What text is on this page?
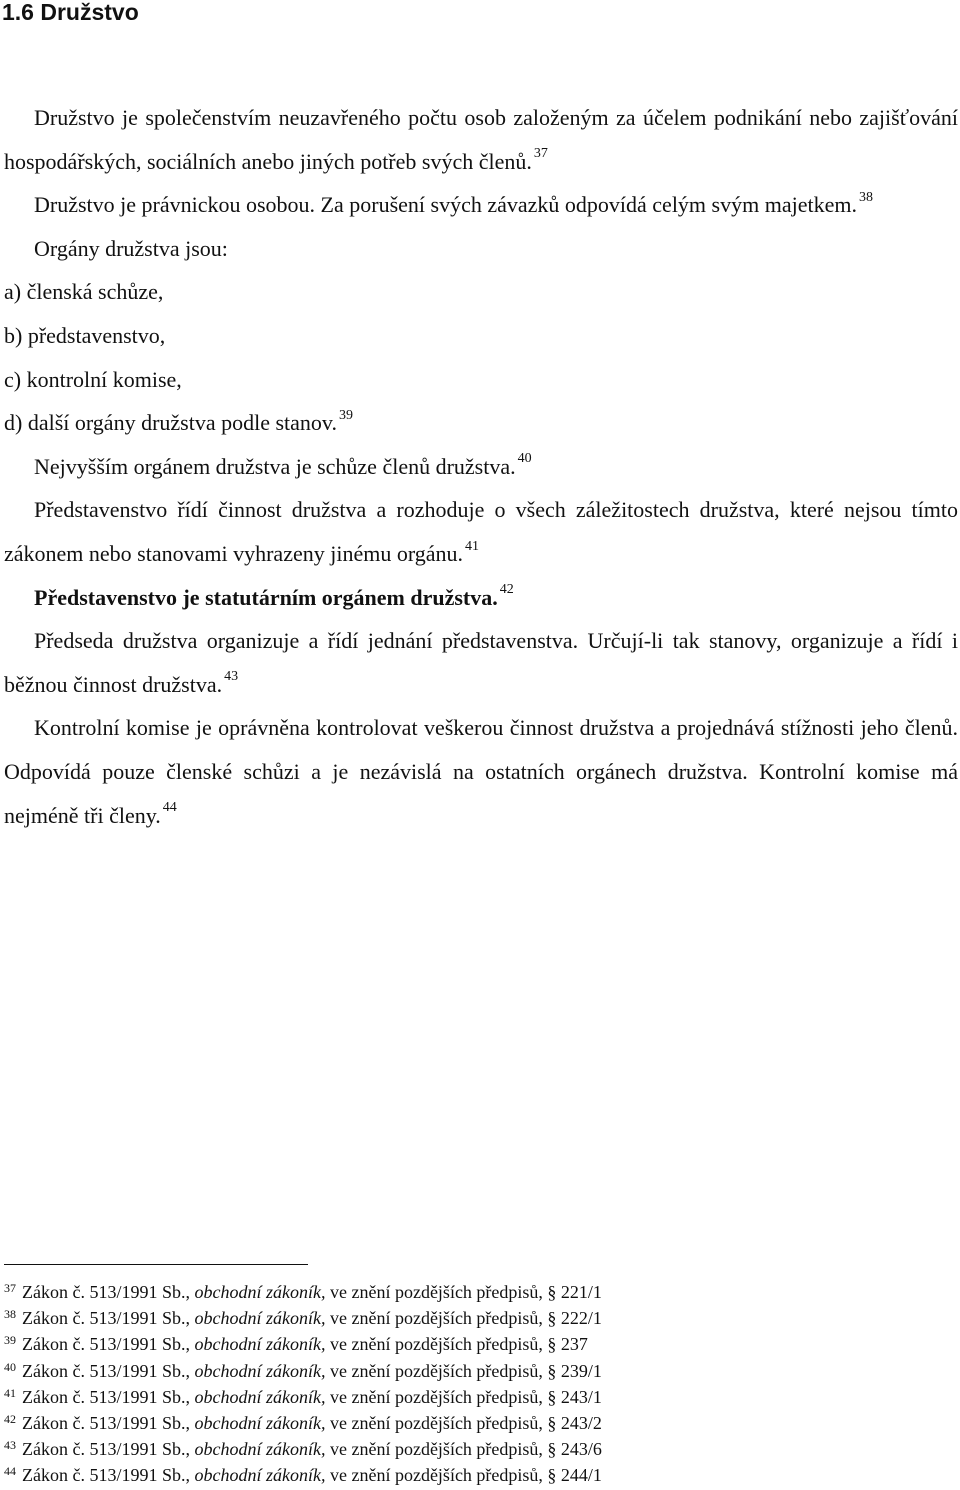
1.6 Družstvo

Družstvo je společenstvím neuzavřeného počtu osob založeným za účelem podnikání nebo zajišťování hospodářských, sociálních anebo jiných potřeb svých členů. $^{37}$

Družstvo je právnickou osobou. Za porušení svých závazků odpovídá celým svým majetkem. $^{38}$

Orgány družstva jsou:

a) členská schůze,

b) představenstvo,

c) kontrolní komise,

d) další orgány družstva podle stanov. $^{39}$

Nejvyšším orgánem družstva je schůze členů družstva. $^{40}$

Představenstvo řídí činnost družstva a rozhoduje o všech záležitostech družstva, které nejsou tímto zákonem nebo stanovami vyhrazeny jinému orgánu. $^{41}$

Představenstvo je statutárním orgánem družstva. $^{42}$

Předseda družstva organizuje a řídí jednání představenstva. Určují-li tak stanovy, organizuje a řídí i běžnou činnost družstva. $^{43}$

Kontrolní komise je oprávněna kontrolovat veškerou činnost družstva a projednává stížnosti jeho členů. Odpovídá pouze členské schůzi a je nezávislá na ostatních orgánech družstva. Kontrolní komise má nejméně tři členy. $^{44}$

$^{37}$ Zákon č. 513/1991 Sb., obchodní zákoník, ve znění pozdějších předpisů, § 221/1
$^{38}$ Zákon č. 513/1991 Sb., obchodní zákoník, ve znění pozdějších předpisů, § 222/1
$^{39}$ Zákon č. 513/1991 Sb., obchodní zákoník, ve znění pozdějších předpisů, § 237
$^{40}$ Zákon č. 513/1991 Sb., obchodní zákoník, ve znění pozdějších předpisů, § 239/1
$^{41}$ Zákon č. 513/1991 Sb., obchodní zákoník, ve znění pozdějších předpisů, § 243/1
$^{42}$ Zákon č. 513/1991 Sb., obchodní zákoník, ve znění pozdějších předpisů, § 243/2
$^{43}$ Zákon č. 513/1991 Sb., obchodní zákoník, ve znění pozdějších předpisů, § 243/6
$^{44}$ Zákon č. 513/1991 Sb., obchodní zákoník, ve znění pozdějších předpisů, § 244/1
